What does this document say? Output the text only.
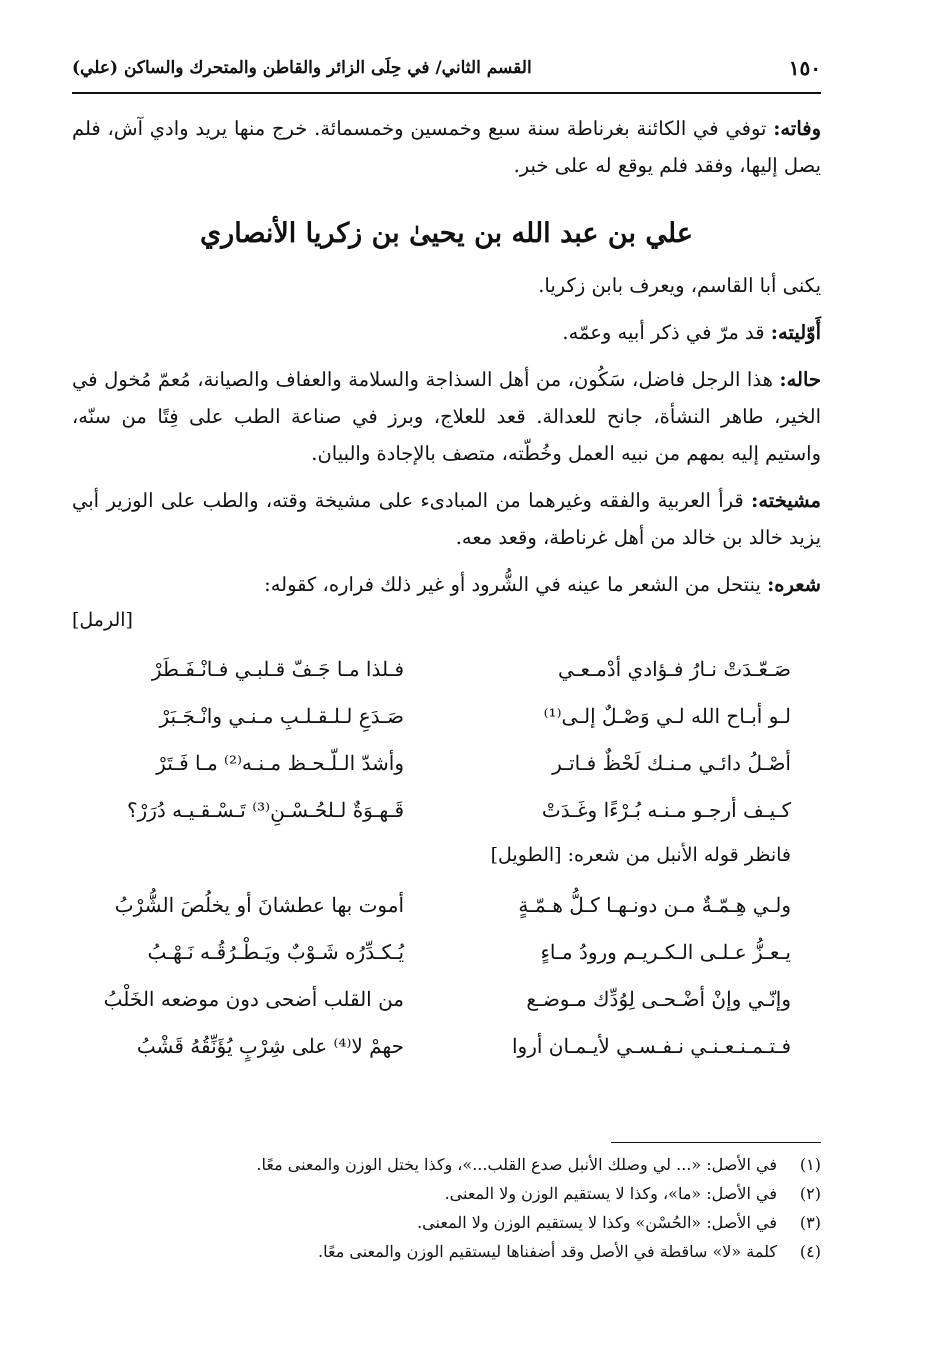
١٥٠
القسم الثاني/ في حِلَى الزائر والقاطن والمتحرك والساكن (علي)

وفاته: توفي في الكائنة بغرناطة سنة سبع وخمسين وخمسمائة. خرج منها يريد وادي آش، فلم يصل إليها، وفقد فلم يوقع له على خبر.

علي بن عبد الله بن يحيىٰ بن زكريا الأنصاري

يكنى أبا القاسم، ويعرف بابن زكريا.

أَوّليته: قد مرّ في ذكر أبيه وعمّه.

حاله: هذا الرجل فاضل، سَكُون، من أهل السذاجة والسلامة والعفاف والصيانة، مُعمّ مُخول في الخير، طاهر النشأة، جانح للعدالة. قعد للعلاج، وبرز في صناعة الطب على فِتًا من سنّه، واستيم إليه بمهم من نبيه العمل وخُطّته، متصف بالإجادة والبيان.

مشيخته: قرأ العربية والفقه وغيرهما من المبادىء على مشيخة وقته، والطب على الوزير أبي يزيد خالد بن خالد من أهل غرناطة، وقعد معه.

شعره: ينتحل من الشعر ما عينه في الشُّرود أو غير ذلك فراره، كقوله:
[الرمل]

صَـعّـدَتْ نـارُ فـؤادي أدْمـعـي
فـلذا مـا جَـفّ قـلبـي فـانْـفَـطَرْ
لـو أبـاح الله لـي وَصْـلٌ إلـى⁽¹⁾
صَـدَعِ لـلـقـلـبِ مـنـي وانْـجَـبَرْ
أصْـلُ دائـي مـنـك لَحْظٌ فـاتـر
وأشدّ الـلّـحـظ مـنـه⁽²⁾ مـا فَـتَرْ
كـيـف أرجـو مـنـه بُـرْءًا وغَـدَتْ
قَـهـوَةٌ لـلحُـسْـنِ⁽³⁾ تَـسْـقـيـه دُرَرْ؟
فانظر قوله الأنبل من شعره: [الطويل]
ولـي هِـمّـةٌ مـن دونـهـا كـلُّ هـمّـةٍ
أموت بها عطشانَ أو يخلُصَ الشُّرْبُ
يـعـزُّ عـلـى الـكـريـم ورودُ مـاءٍ
يُـكـدِّرُه شَـوْبٌ ويَـطْـرُقُـه نَـهْـبُ
وإنّـي وإنْ أضْـحـى لِوُدِّك مـوضـع
من القلب أضحى دون موضعه الخَلْبُ
فـتـمـنـعـنـي نـفـسـي لأيـمـان أروا
حهمْ لا⁽⁴⁾ على شِرْبٍ يُؤَنِّقُهُ قَشْبُ
(١)
في الأصل: «... لي وصلك الأنبل صدع القلب...»، وكذا يختل الوزن والمعنى معًا.
(٢)
في الأصل: «ما»، وكذا لا يستقيم الوزن ولا المعنى.
(٣)
في الأصل: «الحُسْن» وكذا لا يستقيم الوزن ولا المعنى.
(٤)
كلمة «لا» ساقطة في الأصل وقد أضفناها ليستقيم الوزن والمعنى معًا.
